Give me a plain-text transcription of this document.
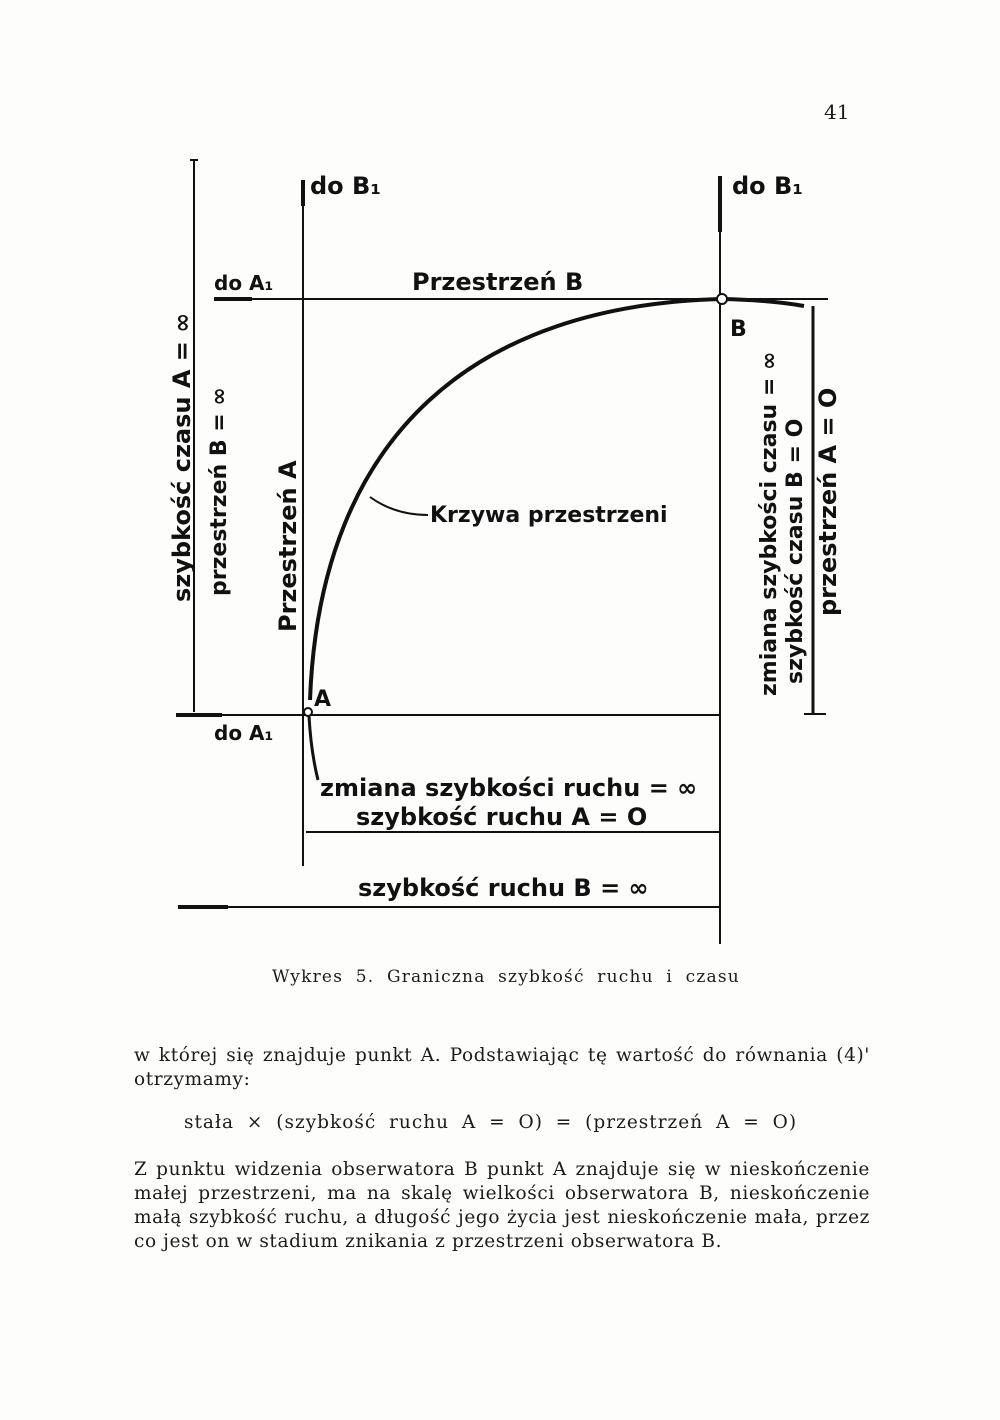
41
do B₁	do B₁
do A₁
do A₁
Przestrzeń B
B
A
Krzywa przestrzeni
Przestrzeń A
szybkość czasu A = ∞ przestrzeń B = ∞	zmiana szybkości czasu = ∞ szybkość czasu B = O przestrzeń A = O
zmiana szybkości ruchu = ∞
szybkość ruchu A = O
szybkość ruchu B = ∞
Wykres 5. Graniczna szybkość ruchu i czasu
w której się znajduje punkt A. Podstawiając tę wartość do równania (4)' otrzymamy:
stała × (szybkość ruchu A = O) = (przestrzeń A = O)
Z punktu widzenia obserwatora B punkt A znajduje się w nieskończenie małej przestrzeni, ma na skalę wielkości obserwatora B, nieskończenie małą szybkość ruchu, a długość jego życia jest nieskończenie mała, przez co jest on w stadium znikania z przestrzeni obserwatora B.
